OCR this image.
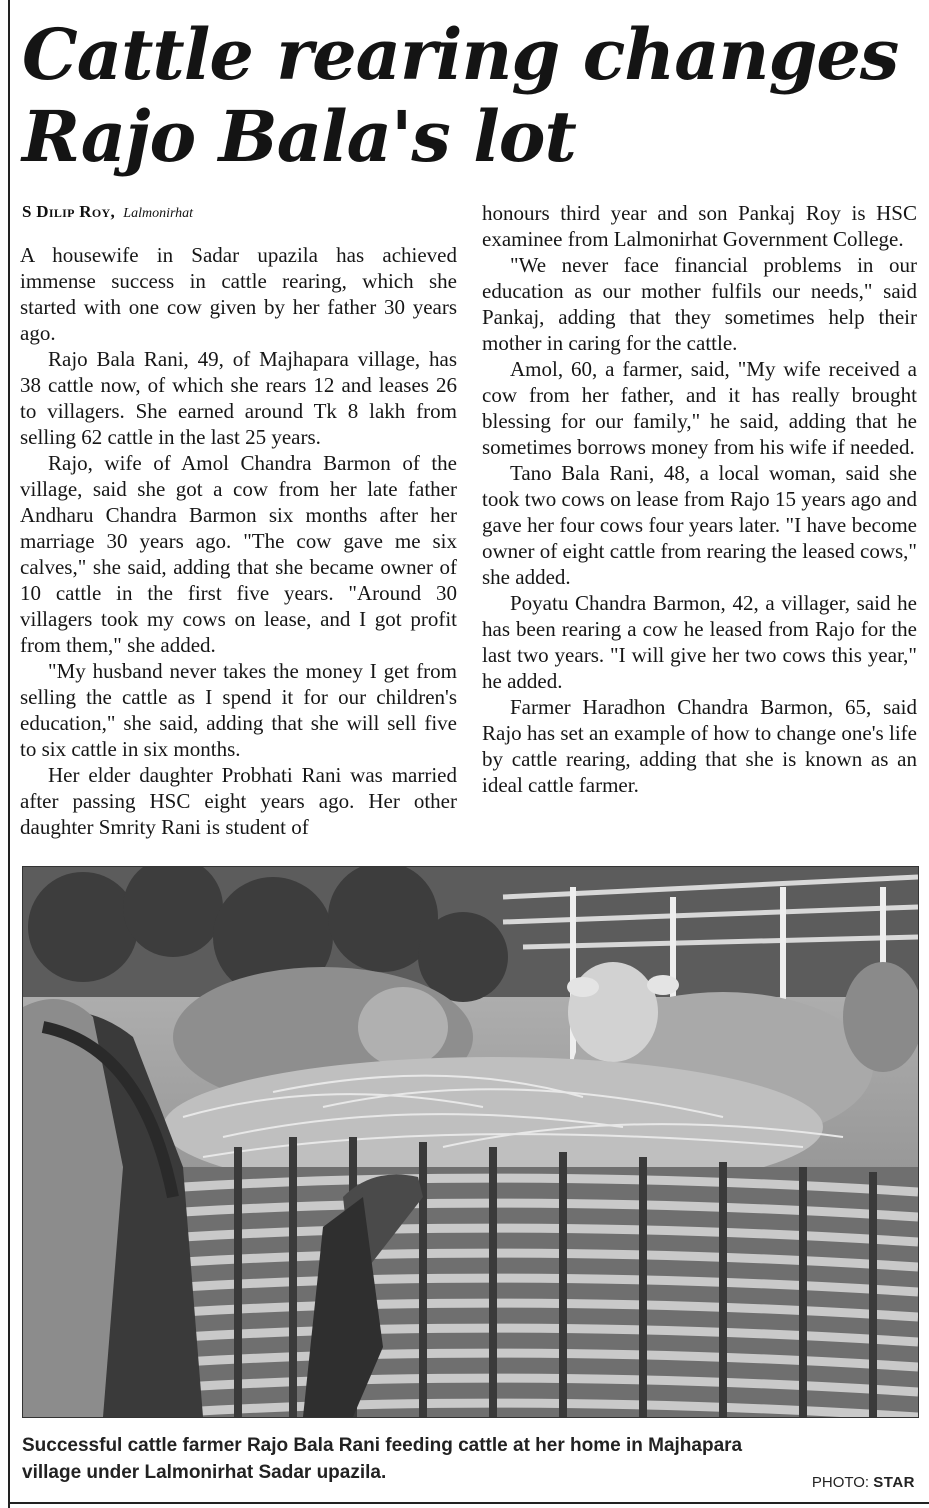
Cattle rearing changes
Rajo Bala's lot
S Dilip Roy, Lalmonirhat

A housewife in Sadar upazila has achieved immense success in cattle rearing, which she started with one cow given by her father 30 years ago.

Rajo Bala Rani, 49, of Majhapara village, has 38 cattle now, of which she rears 12 and leases 26 to villagers. She earned around Tk 8 lakh from selling 62 cattle in the last 25 years.

Rajo, wife of Amol Chandra Barmon of the village, said she got a cow from her late father Andharu Chandra Barmon six months after her marriage 30 years ago. "The cow gave me six calves," she said, adding that she became owner of 10 cattle in the first five years. "Around 30 villagers took my cows on lease, and I got profit from them," she added.

"My husband never takes the money I get from selling the cattle as I spend it for our children's education," she said, adding that she will sell five to six cattle in six months.

Her elder daughter Probhati Rani was married after passing HSC eight years ago. Her other daughter Smrity Rani is student of

honours third year and son Pankaj Roy is HSC examinee from Lalmonirhat Government College.

"We never face financial problems in our education as our mother fulfils our needs," said Pankaj, adding that they sometimes help their mother in caring for the cattle.

Amol, 60, a farmer, said, "My wife received a cow from her father, and it has really brought blessing for our family," he said, adding that he sometimes borrows money from his wife if needed.

Tano Bala Rani, 48, a local woman, said she took two cows on lease from Rajo 15 years ago and gave her four cows four years later. "I have become owner of eight cattle from rearing the leased cows," she added.

Poyatu Chandra Barmon, 42, a villager, said he has been rearing a cow he leased from Rajo for the last two years. "I will give her two cows this year," he added.

Farmer Haradhon Chandra Barmon, 65, said Rajo has set an example of how to change one's life by cattle rearing, adding that she is known as an ideal cattle farmer.

Successful cattle farmer Rajo Bala Rani feeding cattle at her home in Majhapara village under Lalmonirhat Sadar upazila.	PHOTO: STAR
